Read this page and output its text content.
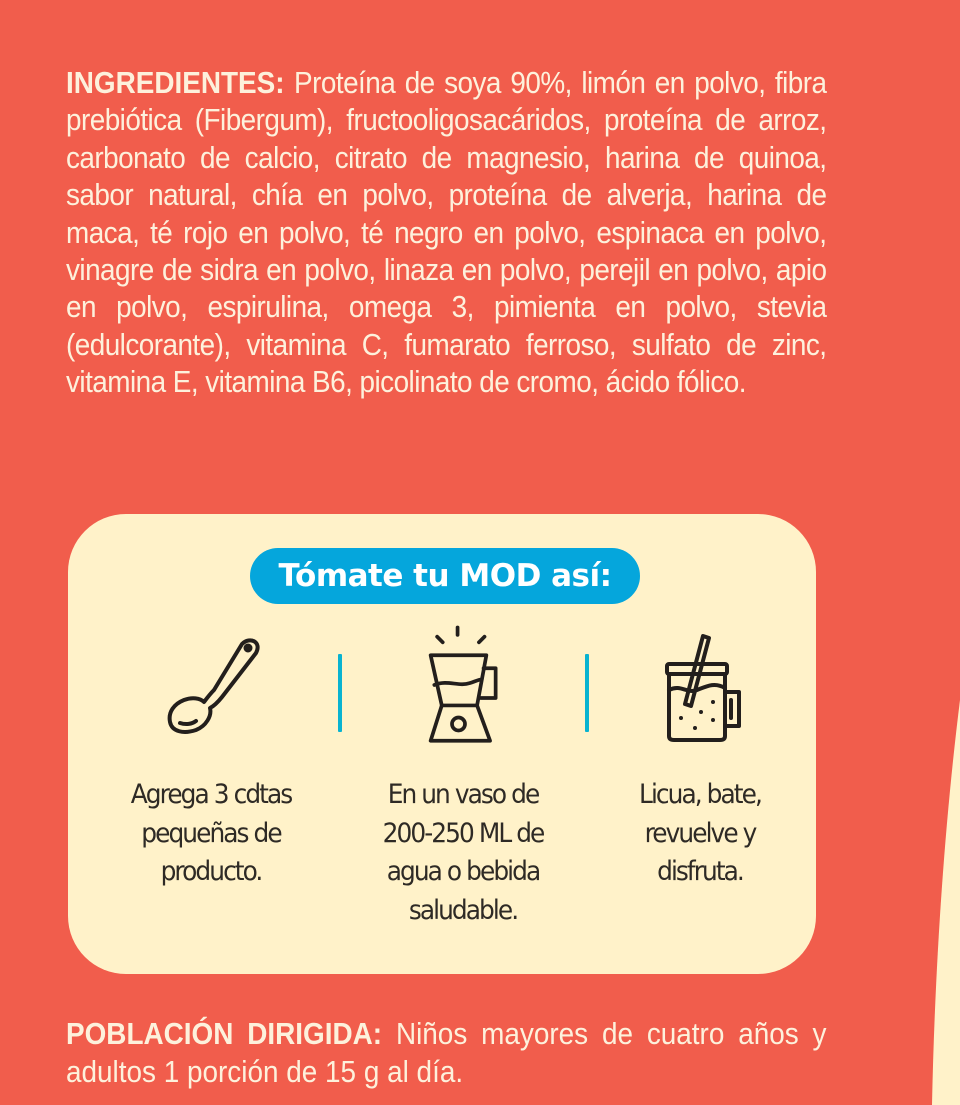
INGREDIENTES: Proteína de soya 90%, limón en polvo, fibra prebiótica (Fibergum), fructooligosacáridos, proteína de arroz, carbonato de calcio, citrato de magnesio, harina de quinoa, sabor natural, chía en polvo, proteína de alverja, harina de maca, té rojo en polvo, té negro en polvo, espinaca en polvo, vinagre de sidra en polvo, linaza en polvo, perejil en polvo, apio en polvo, espirulina, omega 3, pimienta en polvo, stevia (edulcorante), vitamina C, fumarato ferroso, sulfato de zinc, vitamina E, vitamina B6, picolinato de cromo, ácido fólico.
Tómate tu MOD así:
Agrega 3 cdtas
pequeñas de
producto.
En un vaso de
200-250 ML de
agua o bebida
saludable.
Licua, bate,
revuelve y
disfruta.
POBLACIÓN DIRIGIDA: Niños mayores de cuatro años y adultos 1 porción de 15 g al día.
